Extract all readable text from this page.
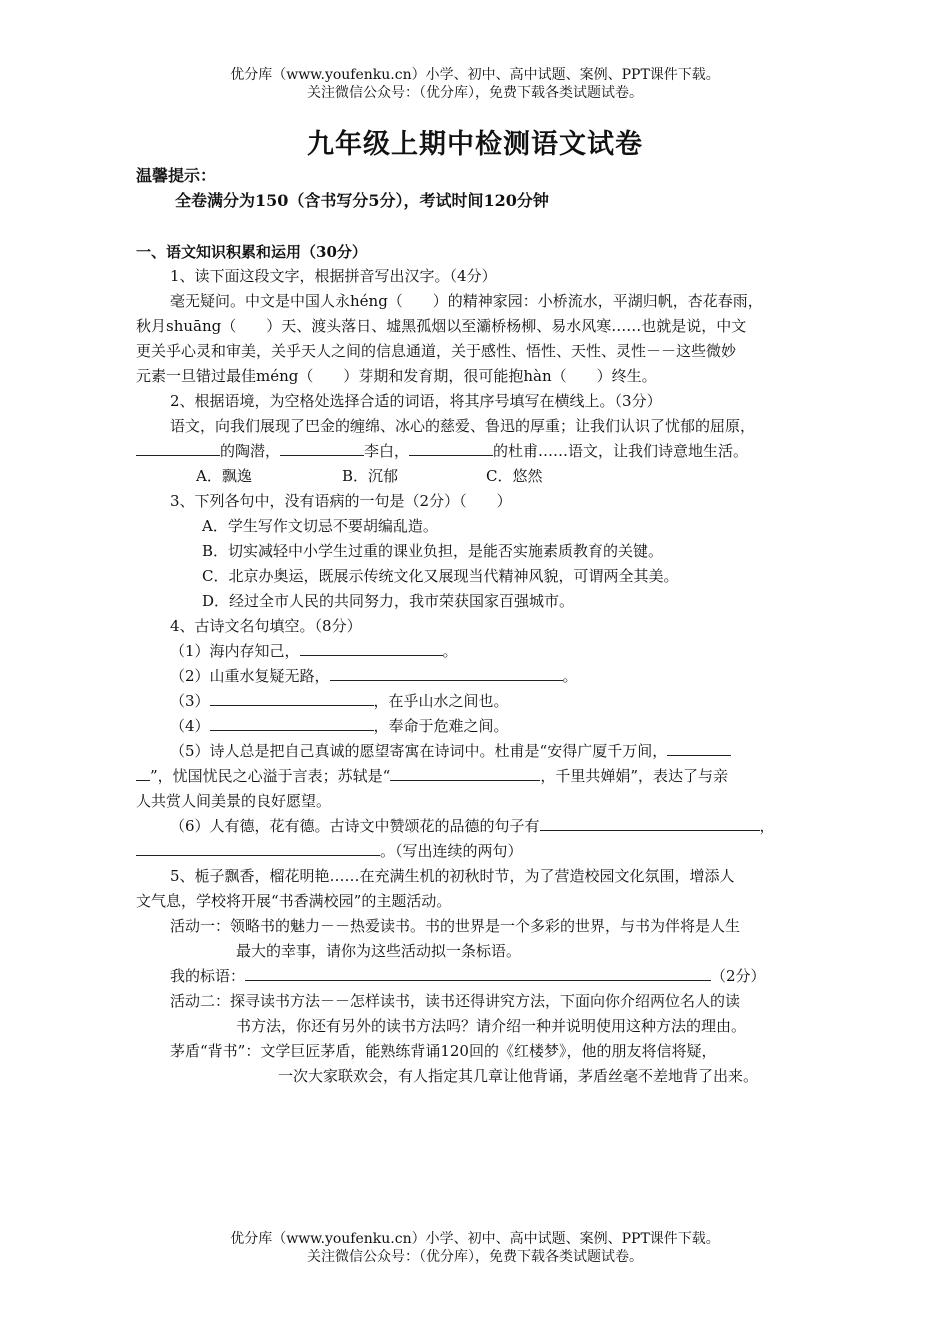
优分库（www.youfenku.cn）小学、初中、高中试题、案例、PPT课件下载。
关注微信公众号：（优分库），免费下载各类试题试卷。
九年级上期中检测语文试卷
温馨提示：
全卷满分为150（含书写分5分），考试时间120分钟
一、语文知识积累和运用（30分）
1、读下面这段文字，根据拼音写出汉字。（4分）
毫无疑问。中文是中国人永héng（　　）的精神家园：小桥流水，平湖归帆，杏花春雨，
秋月shuāng（　　）天、渡头落日、墟黑孤烟以至灞桥杨柳、易水风寒……也就是说，中文
更关乎心灵和审美，关乎天人之间的信息通道，关于感性、悟性、天性、灵性－－这些微妙
元素一旦错过最佳méng（　　）芽期和发育期，很可能抱hàn（　　）终生。
2、根据语境，为空格处选择合适的词语，将其序号填写在横线上。（3分）
语文，向我们展现了巴金的缠绵、冰心的慈爱、鲁迅的厚重；让我们认识了忧郁的屈原，
的陶潜，	李白，	的杜甫……语文，让我们诗意地生活。
A．飘逸	B．沉郁	C．悠然
3、下列各句中，没有语病的一句是（2分）（　　）
A．学生写作文切忌不要胡编乱造。
B．切实减轻中小学生过重的课业负担，是能否实施素质教育的关键。
C．北京办奥运，既展示传统文化又展现当代精神风貌，可谓两全其美。
D．经过全市人民的共同努力，我市荣获国家百强城市。
4、古诗文名句填空。（8分）
（1）海内存知己，	。
（2）山重水复疑无路，	。
（3）	，在乎山水之间也。
（4）	，奉命于危难之间。
（5）诗人总是把自己真诚的愿望寄寓在诗词中。杜甫是“安得广厦千万间，
”，忧国忧民之心溢于言表；苏轼是“	，千里共婵娟”，表达了与亲
人共赏人间美景的良好愿望。
（6）人有德，花有德。古诗文中赞颂花的品德的句子有	，
。（写出连续的两句）
5、栀子飘香，榴花明艳……在充满生机的初秋时节，为了营造校园文化氛围，增添人
文气息，学校将开展“书香满校园”的主题活动。
活动一：领略书的魅力－－热爱读书。书的世界是一个多彩的世界，与书为伴将是人生
最大的幸事，请你为这些活动拟一条标语。
我的标语：	（2分）
活动二：探寻读书方法－－怎样读书，读书还得讲究方法，下面向你介绍两位名人的读
书方法，你还有另外的读书方法吗？请介绍一种并说明使用这种方法的理由。
茅盾“背书”：文学巨匠茅盾，能熟练背诵120回的《红楼梦》，他的朋友将信将疑，
一次大家联欢会，有人指定其几章让他背诵，茅盾丝毫不差地背了出来。
优分库（www.youfenku.cn）小学、初中、高中试题、案例、PPT课件下载。
关注微信公众号：（优分库），免费下载各类试题试卷。
